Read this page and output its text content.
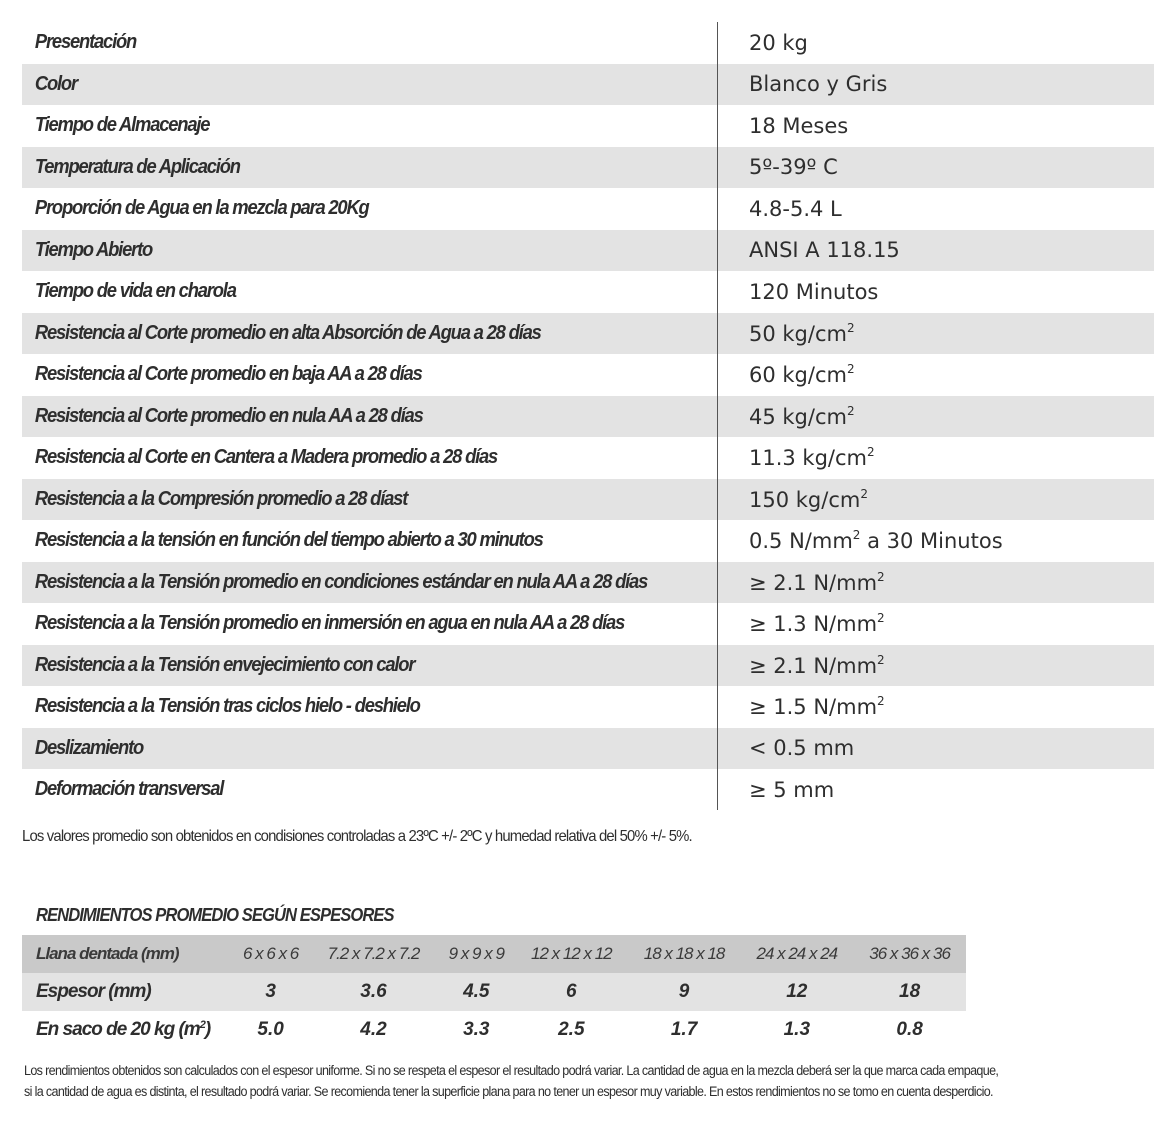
Presentación	20 kg
Color	Blanco y Gris
Tiempo de Almacenaje	18 Meses
Temperatura de Aplicación	5º-39º C
Proporción de Agua en la mezcla para 20Kg	4.8-5.4 L
Tiempo Abierto	ANSI A 118.15
Tiempo de vida en charola	120 Minutos
Resistencia al Corte promedio en alta Absorción de Agua a 28 días	50 $kg/cm^2$
Resistencia al Corte promedio en baja AA a 28 días	60 $kg/cm^2$
Resistencia al Corte promedio en nula AA a 28 días	45 $kg/cm^2$
Resistencia al Corte en Cantera a Madera promedio a 28 días	11.3 $kg/cm^2$
Resistencia a la Compresión promedio a 28 díast	150 $kg/cm^2$
Resistencia a la tensión en función del tiempo abierto a 30 minutos	0.5 $N/mm^2$ a 30 Minutos
Resistencia a la Tensión promedio en condiciones estándar en nula AA a 28 días	≥ 2.1 $N/mm^2$
Resistencia a la Tensión promedio en inmersión en agua en nula AA a 28 días	≥ 1.3 $N/mm^2$
Resistencia a la Tensión envejecimiento con calor	≥ 2.1 $N/mm^2$
Resistencia a la Tensión tras ciclos hielo - deshielo	≥ 1.5 $N/mm^2$
Deslizamiento	< 0.5 mm
Deformación transversal	≥ 5 mm
Los valores promedio son obtenidos en condisiones controladas a 23ºC +/- 2ºC y humedad relativa del 50% +/- 5%.
RENDIMIENTOS PROMEDIO SEGÚN ESPESORES
Llana dentada (mm)	6 x 6 x 6	7.2 x 7.2 x 7.2	9 x 9 x 9	12 x 12 x 12	18 x 18 x 18	24 x 24 x 24	36 x 36 x 36
Espesor (mm)	3	3.6	4.5	6	9	12	18
En saco de 20 kg $(m^2)$	5.0	4.2	3.3	2.5	1.7	1.3	0.8
Los rendimientos obtenidos son calculados con el espesor uniforme. Si no se respeta el espesor el resultado podrá variar. La cantidad de agua en la mezcla deberá ser la que marca cada empaque,
si la cantidad de agua es distinta, el resultado podrá variar. Se recomienda tener la superficie plana para no tener un espesor muy variable. En estos rendimientos no se tomo en cuenta desperdicio.
